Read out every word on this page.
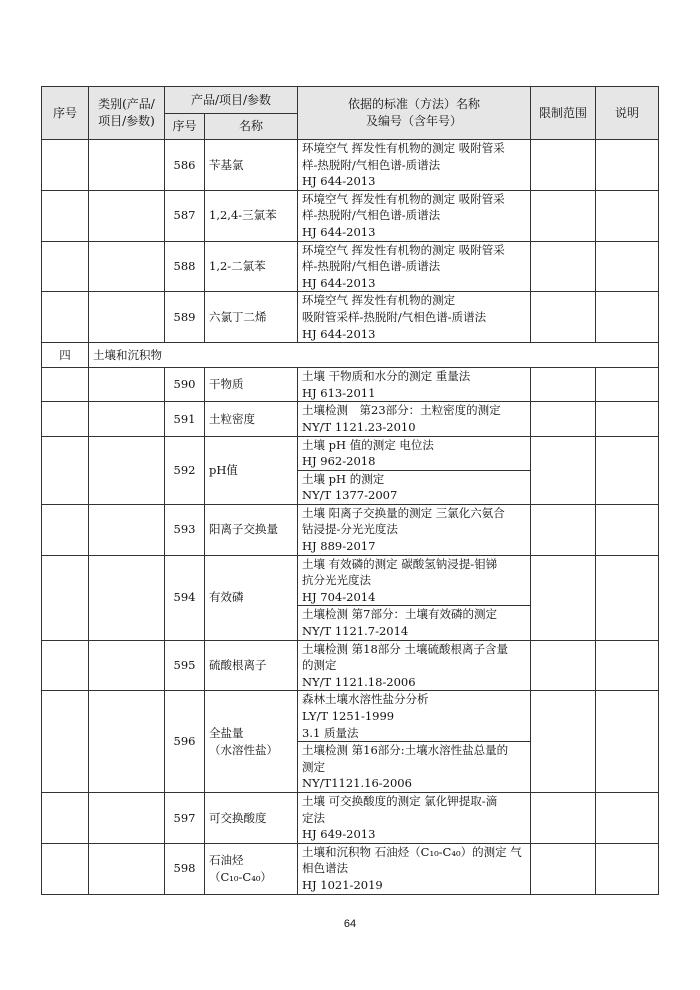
序号	类别(产品/项目/参数)	产品/项目/参数		依据的标准（方法）名称
及编号（含年号）	限制范围	说明
		序号	名称			
		586	苄基氯	环境空气 挥发性有机物的测定 吸附管采
样-热脱附/气相色谱-质谱法
HJ 644-2013		

		587	1,2,4-三氯苯	环境空气 挥发性有机物的测定 吸附管采
样-热脱附/气相色谱-质谱法
HJ 644-2013		

		588	1,2-二氯苯	环境空气 挥发性有机物的测定 吸附管采
样-热脱附/气相色谱-质谱法
HJ 644-2013		

		589	六氯丁二烯	环境空气 挥发性有机物的测定
吸附管采样-热脱附/气相色谱-质谱法
HJ 644-2013		

四	土壤和沉积物					
		590	干物质	土壤 干物质和水分的测定 重量法
HJ 613-2011		

		591	土粒密度	土壤检测　第23部分：土粒密度的测定
NY/T 1121.23-2010		

		592	pH值	土壤 pH 值的测定 电位法
HJ 962-2018		

				土壤 pH 的测定
NY/T 1377-2007		

		593	阳离子交换量	土壤 阳离子交换量的测定 三氯化六氨合
钴浸提-分光光度法
HJ 889-2017		

		594	有效磷	土壤 有效磷的测定 碳酸氢钠浸提-钼锑
抗分光光度法
HJ 704-2014		

				土壤检测 第7部分：土壤有效磷的测定
NY/T 1121.7-2014		

		595	硫酸根离子	土壤检测 第18部分 土壤硫酸根离子含量
的测定
NY/T 1121.18-2006		

		596	全盐量
（水溶性盐）	森林土壤水溶性盐分分析
LY/T 1251-1999
3.1 质量法		

				土壤检测 第16部分:土壤水溶性盐总量的
测定
NY/T1121.16-2006		

		597	可交换酸度	土壤 可交换酸度的测定 氯化钾提取-滴
定法
HJ 649-2013		

		598	石油烃
（C₁₀-C₄₀）	土壤和沉积物 石油烃（C₁₀-C₄₀）的测定 气
相色谱法
HJ 1021-2019		

64
